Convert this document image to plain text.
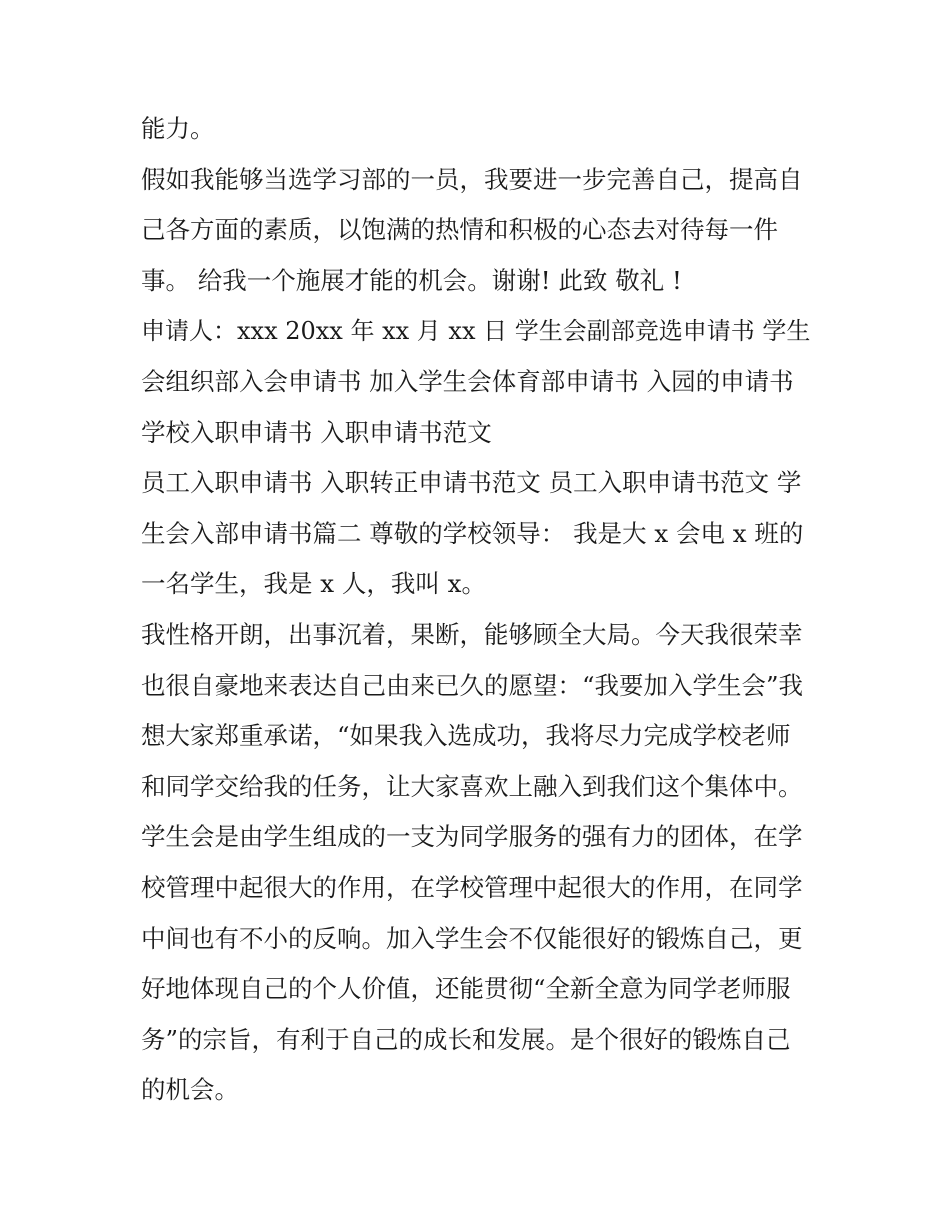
能力。
假如我能够当选学习部的一员，我要进一步完善自己，提高自
己各方面的素质，以饱满的热情和积极的心态去对待每一件
事。 给我一个施展才能的机会。谢谢! 此致 敬礼 !
申请人：xxx 20xx 年 xx 月 xx 日 学生会副部竞选申请书 学生
会组织部入会申请书 加入学生会体育部申请书 入园的申请书
学校入职申请书 入职申请书范文
员工入职申请书 入职转正申请书范文 员工入职申请书范文 学
生会入部申请书篇二 尊敬的学校领导： 我是大 x 会电 x 班的
一名学生，我是 x 人，我叫 x。
我性格开朗，出事沉着，果断，能够顾全大局。今天我很荣幸
也很自豪地来表达自己由来已久的愿望：“我要加入学生会”我
想大家郑重承诺，“如果我入选成功，我将尽力完成学校老师
和同学交给我的任务，让大家喜欢上融入到我们这个集体中。
学生会是由学生组成的一支为同学服务的强有力的团体，在学
校管理中起很大的作用，在学校管理中起很大的作用，在同学
中间也有不小的反响。加入学生会不仅能很好的锻炼自己，更
好地体现自己的个人价值，还能贯彻“全新全意为同学老师服
务”的宗旨，有利于自己的成长和发展。是个很好的锻炼自己
的机会。
